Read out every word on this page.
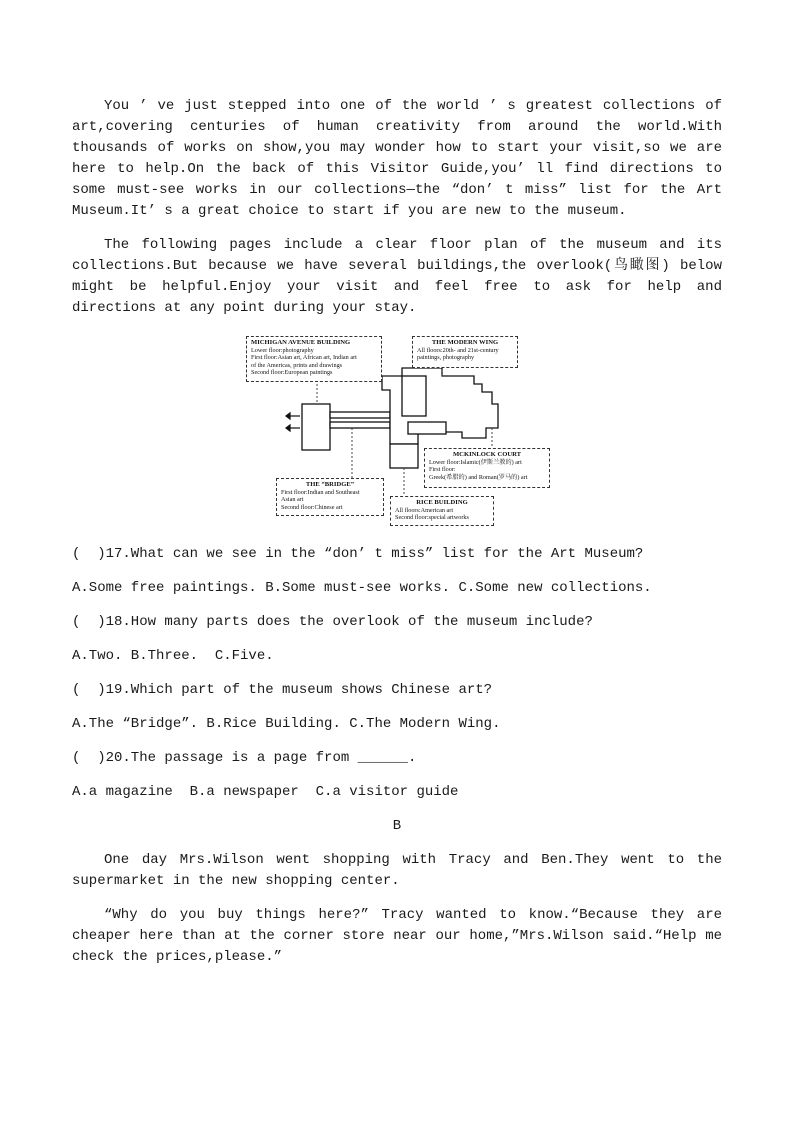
You ’ ve just stepped into one of the world ’ s greatest collections of art,covering centuries of human creativity from around the world.With thousands of works on show,you may wonder how to start your visit,so we are here to help.On the back of this Visitor Guide,you’ ll find directions to some must-see works in our collections—the “don’ t miss” list for the Art Museum.It’ s a great choice to start if you are new to the museum.

The following pages include a clear floor plan of the museum and its collections.But because we have several buildings,the overlook(鸟瞰图) below might be helpful.Enjoy your visit and feel free to ask for help and directions at any point during your stay.

MICHIGAN AVENUE BUILDING
Lower floor:photography
First floor:Asian art, African art, Indian art
of the Americas, prints and drawings
Second floor:European paintings
THE MODERN WING
All floors:20th- and 21st-century
paintings, photography
MCKINLOCK COURT
Lower floor:Islamic(伊斯兰教的) art
First floor:
Greek(希腊的) and Roman(罗马的) art
THE “BRIDGE”
First floor:Indian and Southeast
Asian art
Second floor:Chinese art
RICE BUILDING
All floors:American art
Second floor:special artworks
(  )17.What can we see in the “don’ t miss” list for the Art Museum?
A.Some free paintings. B.Some must-see works. C.Some new collections.
(  )18.How many parts does the overlook of the museum include?
A.Two. B.Three.  C.Five.
(  )19.Which part of the museum shows Chinese art?
A.The “Bridge”. B.Rice Building. C.The Modern Wing.
(  )20.The passage is a page from ______.
A.a magazine  B.a newspaper  C.a visitor guide
B

One day Mrs.Wilson went shopping with Tracy and Ben.They went to the supermarket in the new shopping center.

“Why do you buy things here?” Tracy wanted to know.“Because they are cheaper here than at the corner store near our home,”Mrs.Wilson said.“Help me check the prices,please.”
